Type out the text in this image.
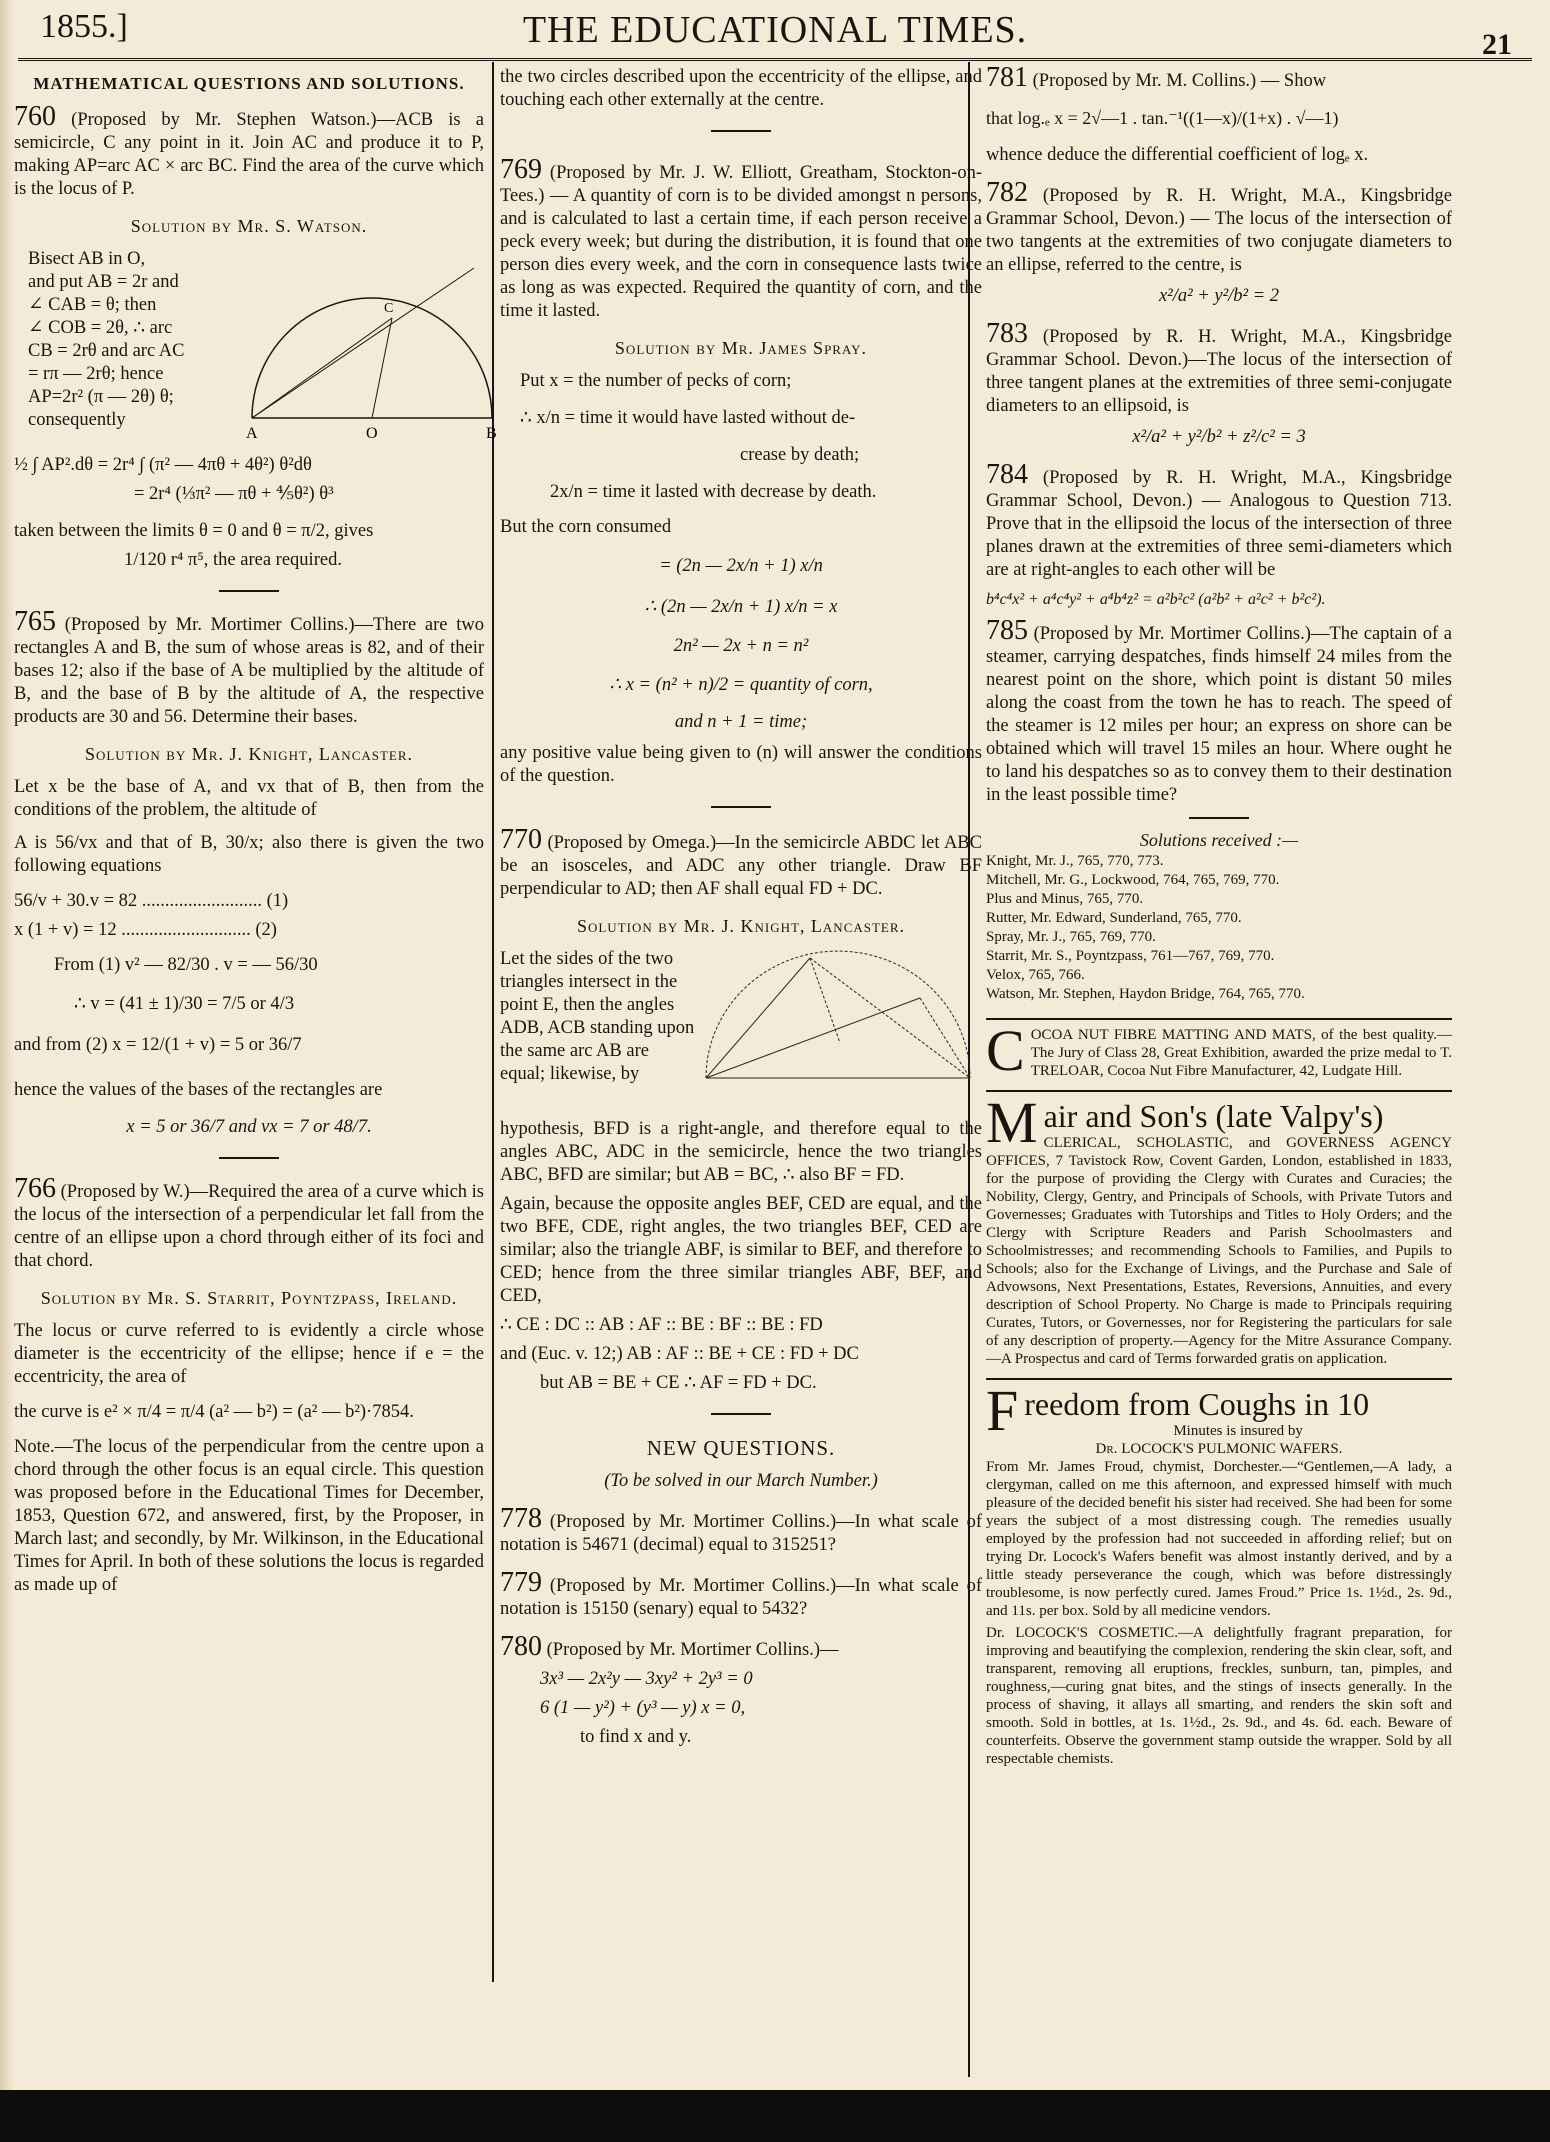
1855.]	THE EDUCATIONAL TIMES.	21
MATHEMATICAL QUESTIONS AND SOLUTIONS.

760 (Proposed by Mr. Stephen Watson.)—ACB is a semicircle, C any point in it. Join AC and produce it to P, making AP=arc AC × arc BC. Find the area of the curve which is the locus of P.

Solution by Mr. S. Watson.
Bisect AB in O,
and put AB = 2r and
∠ CAB = θ; then
∠ COB = 2θ, ∴ arc
CB = 2rθ and arc AC
= rπ — 2rθ; hence
AP=2r² (π — 2θ) θ;
consequently
A	O	B
C
½ ∫ AP².dθ = 2r⁴ ∫ (π² — 4πθ + 4θ²) θ²dθ
= 2r⁴ (⅓π² — πθ + ⅘θ²) θ³

taken between the limits θ = 0 and θ = π/2, gives

1/120 r⁴ π⁵, the area required.

765 (Proposed by Mr. Mortimer Collins.)—There are two rectangles A and B, the sum of whose areas is 82, and of their bases 12; also if the base of A be multiplied by the altitude of B, and the base of B by the altitude of A, the respective products are 30 and 56. Determine their bases.

Solution by Mr. J. Knight, Lancaster.

Let x be the base of A, and vx that of B, then from the conditions of the problem, the altitude of

A is 56/vx and that of B, 30/x; also there is given the two following equations

56/v + 30.v = 82 .......................... (1)
x (1 + v) = 12 ............................ (2)
From (1) v² — 82/30 . v = — 56/30
∴ v = (41 ± 1)/30 = 7/5 or 4/3
and from (2) x = 12/(1 + v) = 5 or 36/7

hence the values of the bases of the rectangles are

x = 5 or 36/7 and vx = 7 or 48/7.

766 (Proposed by W.)—Required the area of a curve which is the locus of the intersection of a perpendicular let fall from the centre of an ellipse upon a chord through either of its foci and that chord.

Solution by Mr. S. Starrit, Poyntzpass, Ireland.

The locus or curve referred to is evidently a circle whose diameter is the eccentricity of the ellipse; hence if e = the eccentricity, the area of

the curve is e² × π/4 = π/4 (a² — b²) = (a² — b²)·7854.

Note.—The locus of the perpendicular from the centre upon a chord through the other focus is an equal circle. This question was proposed before in the Educational Times for December, 1853, Question 672, and answered, first, by the Proposer, in March last; and secondly, by Mr. Wilkinson, in the Educational Times for April. In both of these solutions the locus is regarded as made up of

the two circles described upon the eccentricity of the ellipse, and touching each other externally at the centre.

769 (Proposed by Mr. J. W. Elliott, Greatham, Stockton-on-Tees.) — A quantity of corn is to be divided amongst n persons, and is calculated to last a certain time, if each person receive a peck every week; but during the distribution, it is found that one person dies every week, and the corn in consequence lasts twice as long as was expected. Required the quantity of corn, and the time it lasted.

Solution by Mr. James Spray.
Put x = the number of pecks of corn;
∴ x/n = time it would have lasted without de-
crease by death;
2x/n = time it lasted with decrease by death.
But the corn consumed
= (2n — 2x/n + 1) x/n
∴ (2n — 2x/n + 1) x/n = x
2n² — 2x + n = n²
∴ x = (n² + n)/2 = quantity of corn,
and n + 1 = time;

any positive value being given to (n) will answer the conditions of the question.

770 (Proposed by Omega.)—In the semicircle ABDC let ABC be an isosceles, and ADC any other triangle. Draw BF perpendicular to AD; then AF shall equal FD + DC.

Solution by Mr. J. Knight, Lancaster.

Let the sides of the two triangles intersect in the point E, then the angles ADB, ACB standing upon the same arc AB are equal; likewise, by

hypothesis, BFD is a right-angle, and therefore equal to the angles ABC, ADC in the semicircle, hence the two triangles ABC, BFD are similar; but AB = BC, ∴ also BF = FD.

Again, because the opposite angles BEF, CED are equal, and the two BFE, CDE, right angles, the two triangles BEF, CED are similar; also the triangle ABF, is similar to BEF, and therefore to CED; hence from the three similar triangles ABF, BEF, and CED,

∴ CE : DC :: AB : AF :: BE : BF :: BE : FD
and (Euc. v. 12;) AB : AF :: BE + CE : FD + DC
but AB = BE + CE ∴ AF = FD + DC.
NEW QUESTIONS.
(To be solved in our March Number.)

778 (Proposed by Mr. Mortimer Collins.)—In what scale of notation is 54671 (decimal) equal to 315251?

779 (Proposed by Mr. Mortimer Collins.)—In what scale of notation is 15150 (senary) equal to 5432?

780 (Proposed by Mr. Mortimer Collins.)—

3x³ — 2x²y — 3xy² + 2y³ = 0
6 (1 — y²) + (y³ — y) x = 0,
to find x and y.

781 (Proposed by Mr. M. Collins.) — Show

that log.ₑ x = 2√—1 . tan.⁻¹((1—x)/(1+x) . √—1)

whence deduce the differential coefficient of logₑ x.

782 (Proposed by R. H. Wright, M.A., Kingsbridge Grammar School, Devon.) — The locus of the intersection of two tangents at the extremities of two conjugate diameters to an ellipse, referred to the centre, is

x²/a² + y²/b² = 2

783 (Proposed by R. H. Wright, M.A., Kingsbridge Grammar School. Devon.)—The locus of the intersection of three tangent planes at the extremities of three semi-conjugate diameters to an ellipsoid, is

x²/a² + y²/b² + z²/c² = 3

784 (Proposed by R. H. Wright, M.A., Kingsbridge Grammar School, Devon.) — Analogous to Question 713. Prove that in the ellipsoid the locus of the intersection of three planes drawn at the extremities of three semi-diameters which are at right-angles to each other will be

b⁴c⁴x² + a⁴c⁴y² + a⁴b⁴z² = a²b²c² (a²b² + a²c² + b²c²).

785 (Proposed by Mr. Mortimer Collins.)—The captain of a steamer, carrying despatches, finds himself 24 miles from the nearest point on the shore, which point is distant 50 miles along the coast from the town he has to reach. The speed of the steamer is 12 miles per hour; an express on shore can be obtained which will travel 15 miles an hour. Where ought he to land his despatches so as to convey them to their destination in the least possible time?

Solutions received :—
Knight, Mr. J., 765, 770, 773.
Mitchell, Mr. G., Lockwood, 764, 765, 769, 770.
Plus and Minus, 765, 770.
Rutter, Mr. Edward, Sunderland, 765, 770.
Spray, Mr. J., 765, 769, 770.
Starrit, Mr. S., Poyntzpass, 761—767, 769, 770.
Velox, 765, 766.
Watson, Mr. Stephen, Haydon Bridge, 764, 765, 770.
C OCOA NUT FIBRE MATTING AND MATS, of the best quality.—The Jury of Class 28, Great Exhibition, awarded the prize medal to T. TRELOAR, Cocoa Nut Fibre Manufacturer, 42, Ludgate Hill.
M air and Son's (late Valpy's)
CLERICAL, SCHOLASTIC, and GOVERNESS AGENCY OFFICES, 7 Tavistock Row, Covent Garden, London, established in 1833, for the purpose of providing the Clergy with Curates and Curacies; the Nobility, Clergy, Gentry, and Principals of Schools, with Private Tutors and Governesses; Graduates with Tutorships and Titles to Holy Orders; and the Clergy with Scripture Readers and Parish Schoolmasters and Schoolmistresses; and recommending Schools to Families, and Pupils to Schools; also for the Exchange of Livings, and the Purchase and Sale of Advowsons, Next Presentations, Estates, Reversions, Annuities, and every description of School Property. No Charge is made to Principals requiring Curates, Tutors, or Governesses, nor for Registering the particulars for sale of any description of property.—Agency for the Mitre Assurance Company.—A Prospectus and card of Terms forwarded gratis on application.
F reedom from Coughs in 10
Minutes is insured by
Dr. LOCOCK'S PULMONIC WAFERS.
From Mr. James Froud, chymist, Dorchester.—“Gentlemen,—A lady, a clergyman, called on me this afternoon, and expressed himself with much pleasure of the decided benefit his sister had received. She had been for some years the subject of a most distressing cough. The remedies usually employed by the profession had not succeeded in affording relief; but on trying Dr. Locock's Wafers benefit was almost instantly derived, and by a little steady perseverance the cough, which was before distressingly troublesome, is now perfectly cured. James Froud.” Price 1s. 1½d., 2s. 9d., and 11s. per box. Sold by all medicine vendors.
Dr. LOCOCK'S COSMETIC.—A delightfully fragrant preparation, for improving and beautifying the complexion, rendering the skin clear, soft, and transparent, removing all eruptions, freckles, sunburn, tan, pimples, and roughness,—curing gnat bites, and the stings of insects generally. In the process of shaving, it allays all smarting, and renders the skin soft and smooth. Sold in bottles, at 1s. 1½d., 2s. 9d., and 4s. 6d. each. Beware of counterfeits. Observe the government stamp outside the wrapper. Sold by all respectable chemists.
